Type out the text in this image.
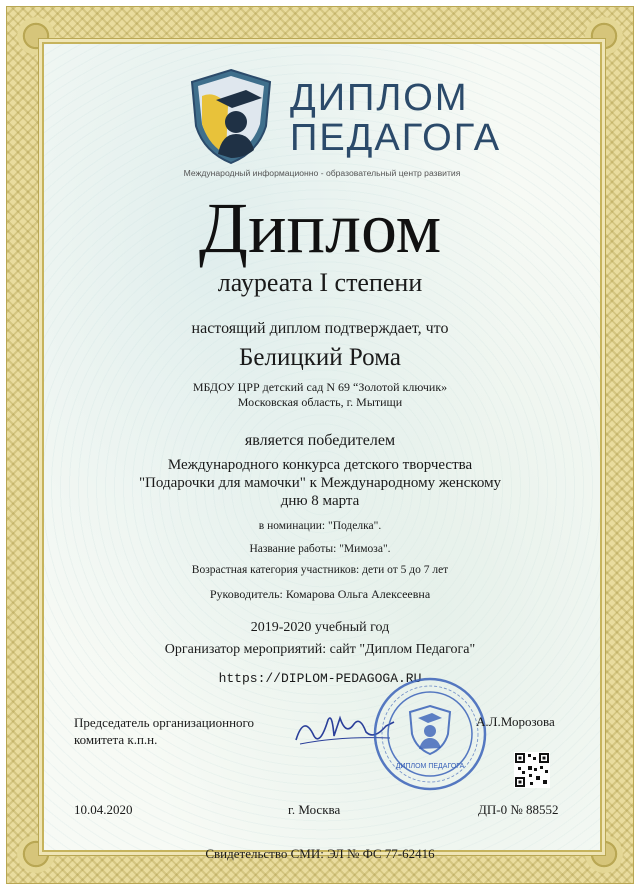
ДИПЛОМ
ПЕДАГОГА
Международный информационно - образовательный центр развития
Диплом
лауреата I степени
настоящий диплом подтверждает, что
Белицкий Рома
МБДОУ ЦРР детский сад N 69 “Золотой ключик»
Московская область, г. Мытищи
является победителем
Международного конкурса детского творчества
"Подарочки для мамочки" к Международному женскому
дню 8 марта
в номинации: "Поделка".
Название работы: "Мимоза".
Возрастная категория участников: дети от 5 до 7 лет
Руководитель: Комарова Ольга Алексеевна
2019-2020 учебный год
Организатор мероприятий: сайт "Диплом Педагога"
https://DIPLOM-PEDAGOGA.RU
Председатель организационного
комитета к.п.н.
ДИПЛОМ ПЕДАГОГА
А.Л.Морозова
10.04.2020	г. Москва	ДП-0 № 88552
Свидетельство СМИ: ЭЛ № ФС 77-62416
